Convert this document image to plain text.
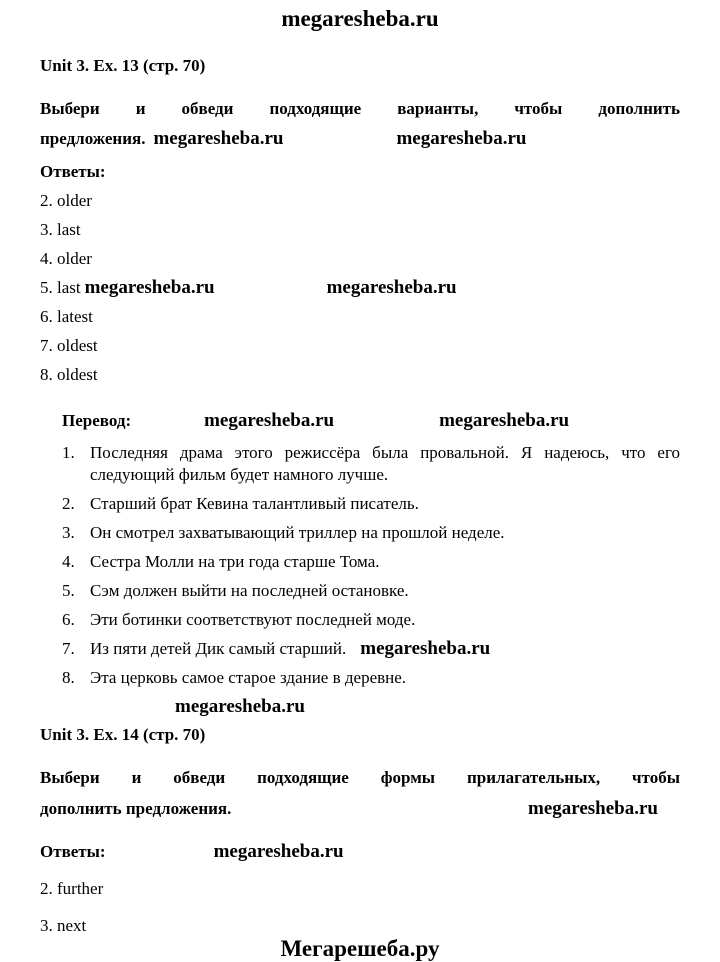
megaresheba.ru
Unit 3. Ex. 13 (стр. 70)
Выбери и обведи подходящие варианты, чтобы дополнить
предложения. megaresheba.ru	megaresheba.ru
Ответы:
2. older
3. last
4. older
5. last megaresheba.ru	megaresheba.ru
6. latest
7. oldest
8. oldest
Перевод:	megaresheba.ru	megaresheba.ru
1. Последняя драма этого режиссёра была провальной. Я надеюсь, что его следующий фильм будет намного лучше.
2. Старший брат Кевина талантливый писатель.
3. Он смотрел захватывающий триллер на прошлой неделе.
4. Сестра Молли на три года старше Тома.
5. Сэм должен выйти на последней остановке.
6. Эти ботинки соответствуют последней моде.
7. Из пяти детей Дик самый старший. megaresheba.ru
8. Эта церковь самое старое здание в деревне.
megaresheba.ru
Unit 3. Ex. 14 (стр. 70)
Выбери и обведи подходящие формы прилагательных, чтобы
дополнить предложения.	megaresheba.ru
Ответы:	megaresheba.ru
2. further
3. next
Мегарешеба.ру
